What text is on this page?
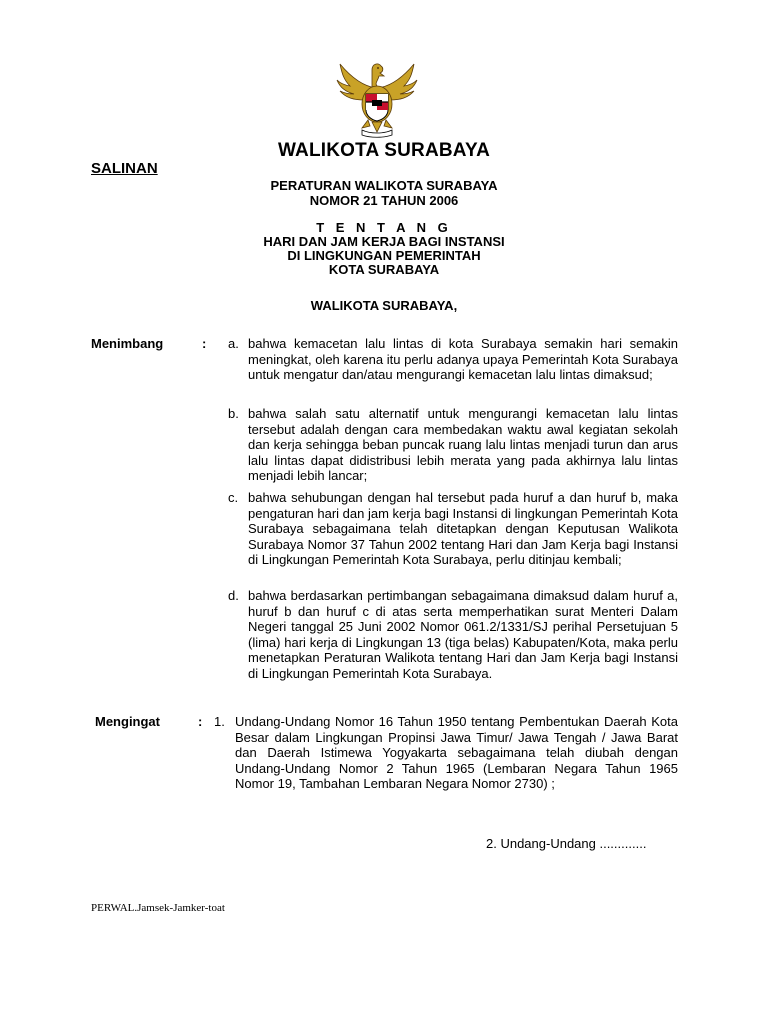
WALIKOTA SURABAYA
SALINAN
PERATURAN WALIKOTA SURABAYA
NOMOR 21 TAHUN 2006
T E N T A N G
HARI DAN JAM KERJA BAGI INSTANSI
DI LINGKUNGAN PEMERINTAH
KOTA SURABAYA
WALIKOTA SURABAYA,
Menimbang	: a. bahwa kemacetan lalu lintas di kota Surabaya semakin hari semakin meningkat, oleh karena itu perlu adanya upaya Pemerintah Kota Surabaya untuk mengatur dan/atau mengurangi kemacetan lalu lintas dimaksud;
b. bahwa salah satu alternatif untuk mengurangi kemacetan lalu lintas tersebut adalah dengan cara membedakan waktu awal kegiatan sekolah dan kerja sehingga beban puncak ruang lalu lintas menjadi turun dan arus lalu lintas dapat didistribusi lebih merata yang pada akhirnya lalu lintas menjadi lebih lancar;
c. bahwa sehubungan dengan hal tersebut pada huruf a dan huruf b, maka pengaturan hari dan jam kerja bagi Instansi di lingkungan Pemerintah Kota Surabaya sebagaimana telah ditetapkan dengan Keputusan Walikota Surabaya Nomor 37 Tahun 2002 tentang Hari dan Jam Kerja bagi Instansi di Lingkungan Pemerintah Kota Surabaya, perlu ditinjau kembali;
d. bahwa berdasarkan pertimbangan sebagaimana dimaksud dalam huruf a, huruf b dan huruf c di atas serta memperhatikan surat Menteri Dalam Negeri tanggal 25 Juni 2002 Nomor 061.2/1331/SJ perihal Persetujuan 5 (lima) hari kerja di Lingkungan 13 (tiga belas) Kabupaten/Kota, maka perlu menetapkan Peraturan Walikota tentang Hari dan Jam Kerja bagi Instansi di Lingkungan Pemerintah Kota Surabaya.
Mengingat	: 1. Undang-Undang Nomor 16 Tahun 1950 tentang Pembentukan Daerah Kota Besar dalam Lingkungan Propinsi Jawa Timur/ Jawa Tengah / Jawa Barat dan Daerah Istimewa Yogyakarta sebagaimana telah diubah dengan Undang-Undang Nomor 2 Tahun 1965 (Lembaran Negara Tahun 1965 Nomor 19, Tambahan Lembaran Negara Nomor 2730) ;
2. Undang-Undang .............
PERWAL.Jamsek-Jamker-toat
